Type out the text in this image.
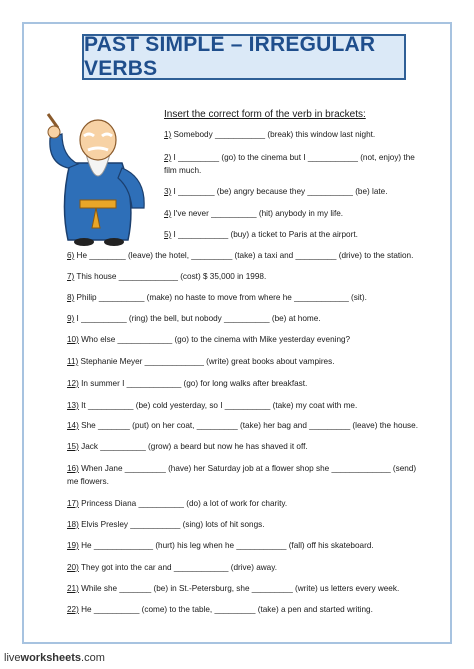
PAST SIMPLE – IRREGULAR VERBS
Insert the correct form of the verb in brackets:
1) Somebody ___________ (break) this window last night.
2) I _________ (go) to the cinema but I ___________ (not, enjoy) the
film much.
3) I ________ (be) angry because they __________ (be) late.
4) I've never __________ (hit) anybody in my life.
5) I ___________ (buy) a ticket to Paris at the airport.
6) He ________ (leave) the hotel, _________ (take) a taxi and _________ (drive) to the station.
7) This house _____________ (cost) $ 35,000 in 1998.
8) Philip __________ (make) no haste to move from where he ____________ (sit).
9) I __________ (ring) the bell, but nobody __________ (be) at home.
10) Who else ____________ (go) to the cinema with Mike yesterday evening?
11) Stephanie Meyer _____________ (write) great books about vampires.
12) In summer I ____________ (go) for long walks after breakfast.
13) It __________ (be) cold yesterday, so I __________ (take) my coat with me.
14) She _______ (put) on her coat, _________ (take) her bag and _________ (leave) the house.
15) Jack __________ (grow) a beard but now he has shaved it off.
16) When Jane _________ (have) her Saturday job at a flower shop she _____________ (send)
me flowers.
17) Princess Diana __________ (do) a lot of work for charity.
18) Elvis Presley ___________ (sing) lots of hit songs.
19) He _____________ (hurt) his leg when he ___________ (fall) off his skateboard.
20) They got into the car and ____________ (drive) away.
21) While she _______ (be) in St.-Petersburg, she _________ (write) us letters every week.
22) He __________ (come) to the table, _________ (take) a pen and started writing.
liveworksheets.com
